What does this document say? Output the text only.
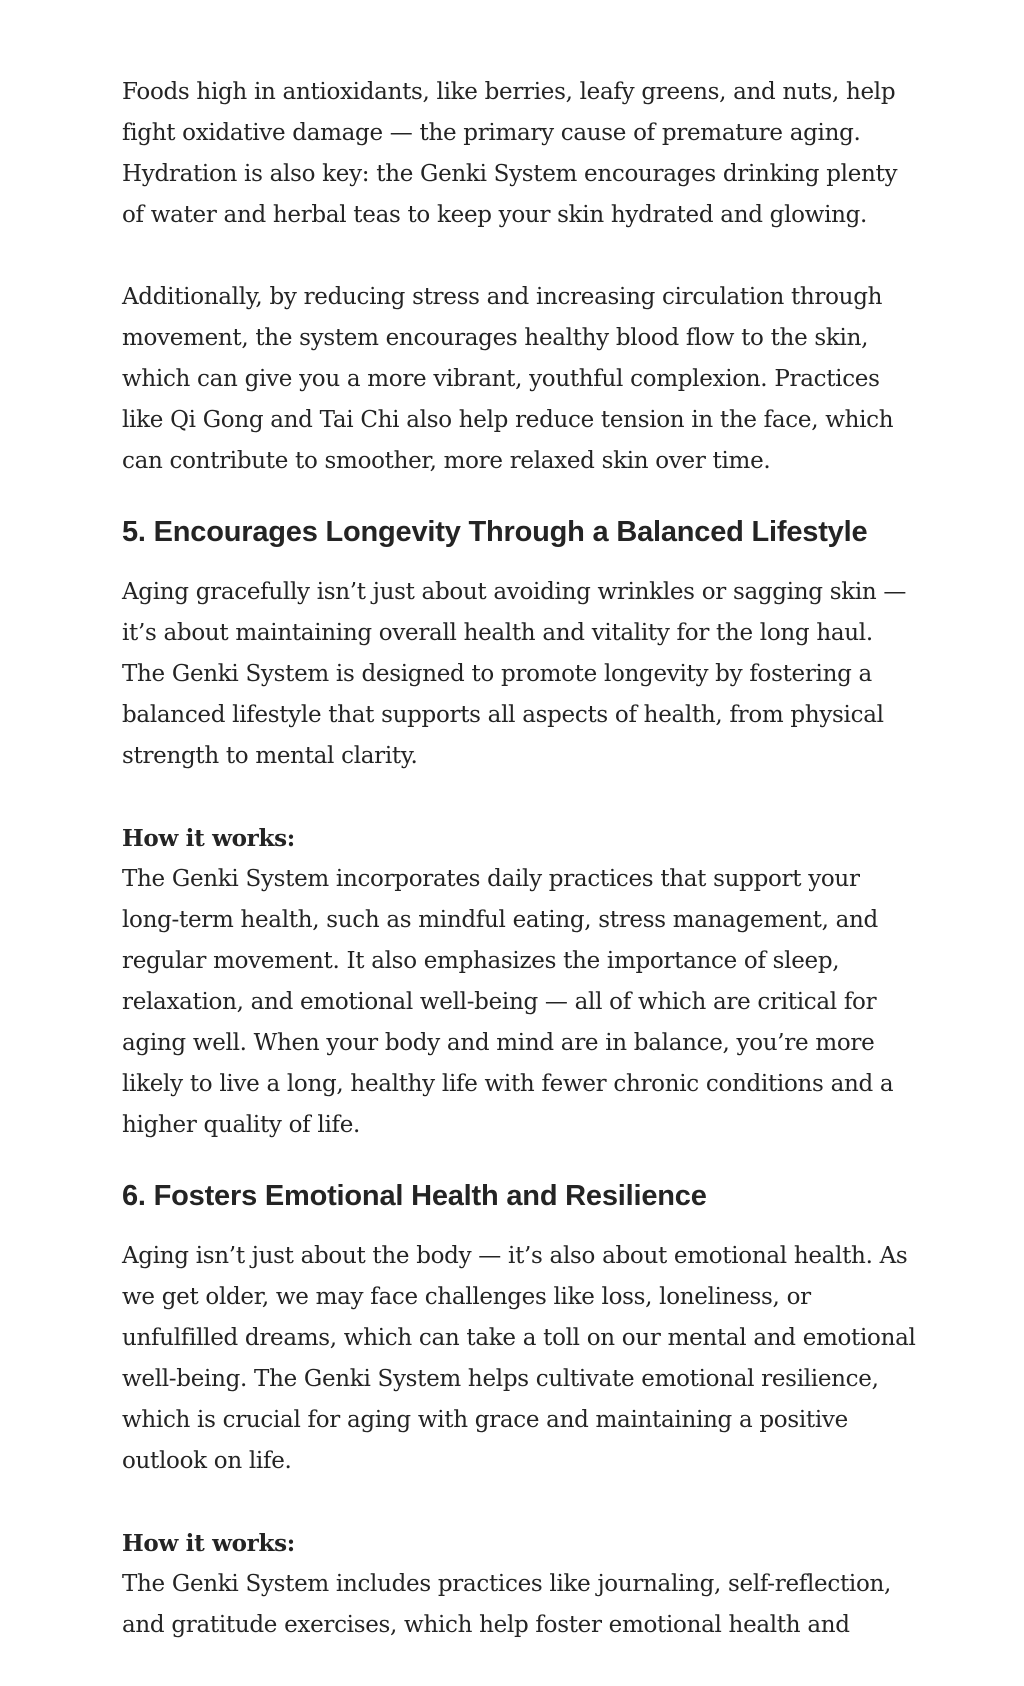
Foods high in antioxidants, like berries, leafy greens, and nuts, help fight oxidative damage — the primary cause of premature aging. Hydration is also key: the Genki System encourages drinking plenty of water and herbal teas to keep your skin hydrated and glowing.

Additionally, by reducing stress and increasing circulation through movement, the system encourages healthy blood flow to the skin, which can give you a more vibrant, youthful complexion. Practices like Qi Gong and Tai Chi also help reduce tension in the face, which can contribute to smoother, more relaxed skin over time.

5. Encourages Longevity Through a Balanced Lifestyle

Aging gracefully isn’t just about avoiding wrinkles or sagging skin — it’s about maintaining overall health and vitality for the long haul. The Genki System is designed to promote longevity by fostering a balanced lifestyle that supports all aspects of health, from physical strength to mental clarity.

How it works:

The Genki System incorporates daily practices that support your long-term health, such as mindful eating, stress management, and regular movement. It also emphasizes the importance of sleep, relaxation, and emotional well-being — all of which are critical for aging well. When your body and mind are in balance, you’re more likely to live a long, healthy life with fewer chronic conditions and a higher quality of life.

6. Fosters Emotional Health and Resilience

Aging isn’t just about the body — it’s also about emotional health. As we get older, we may face challenges like loss, loneliness, or unfulfilled dreams, which can take a toll on our mental and emotional well-being. The Genki System helps cultivate emotional resilience, which is crucial for aging with grace and maintaining a positive outlook on life.

How it works:

The Genki System includes practices like journaling, self-reflection, and gratitude exercises, which help foster emotional health and
